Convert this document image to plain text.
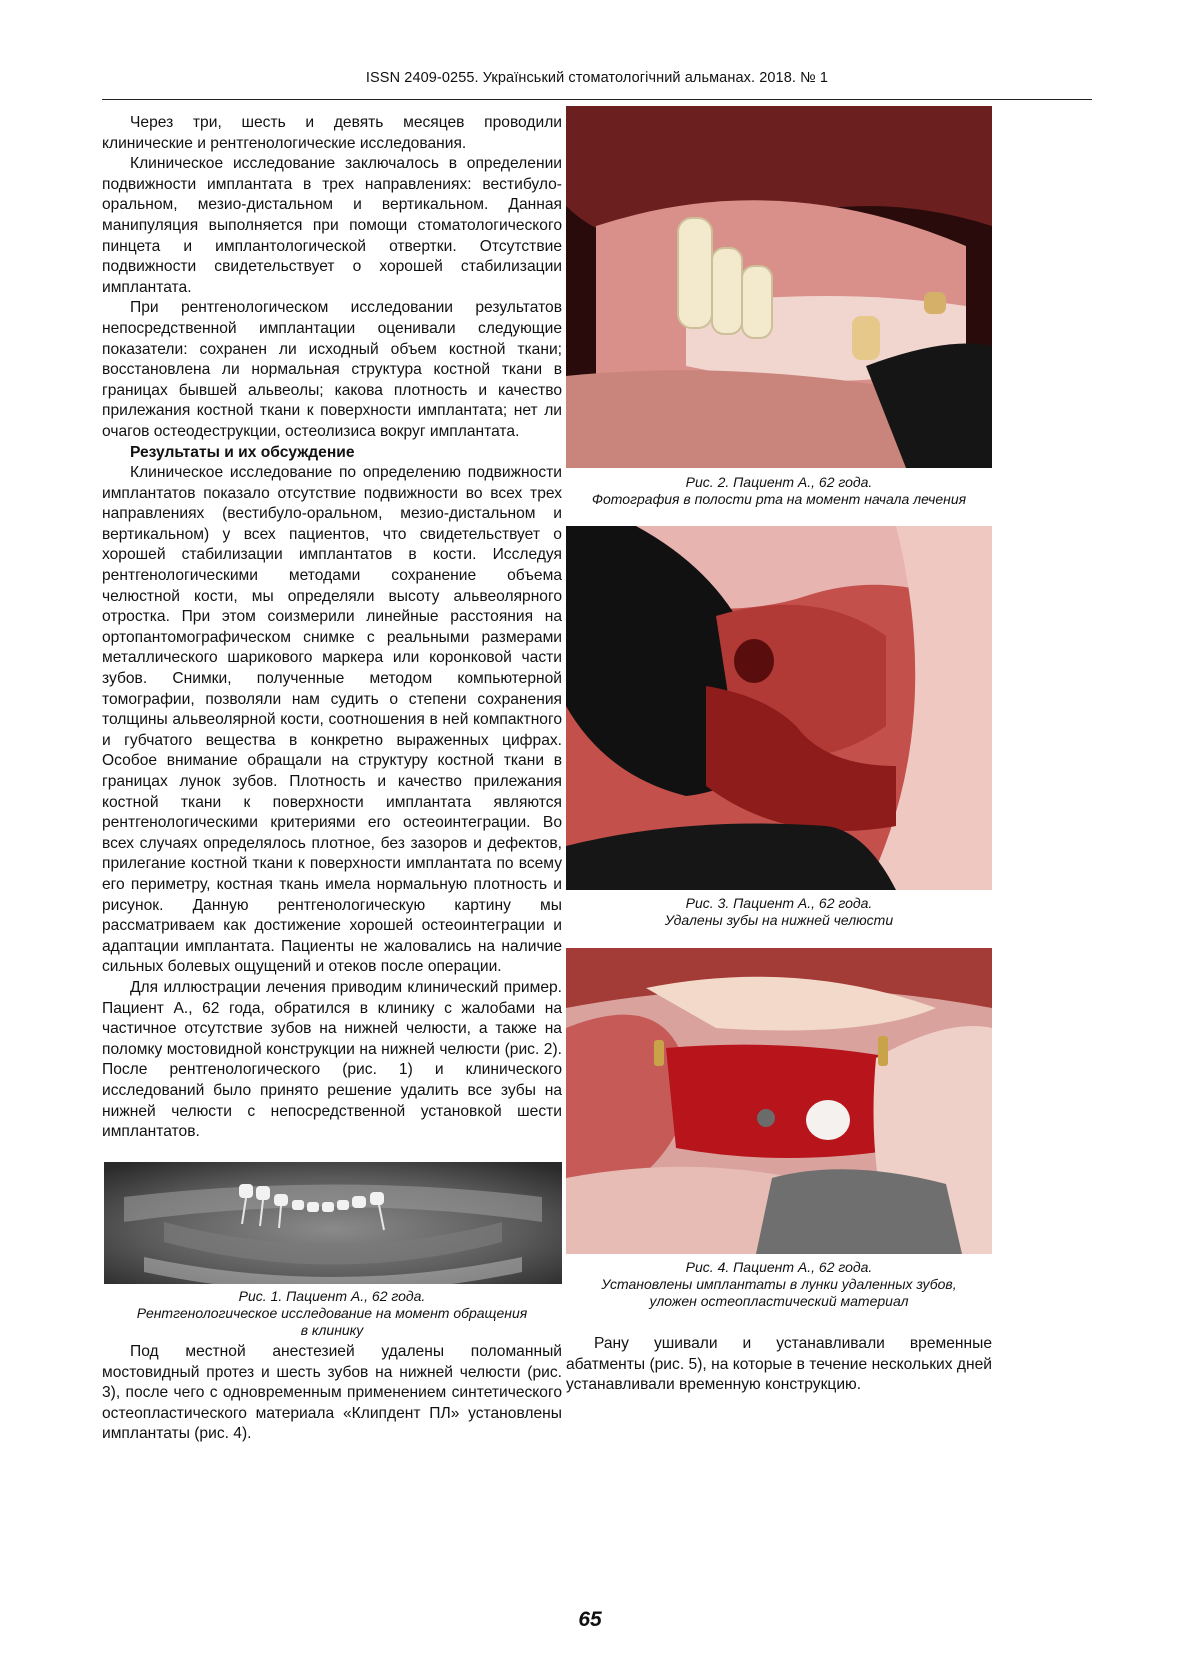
ISSN 2409-0255. Український стоматологічний альманах. 2018. № 1

Через три, шесть и девять месяцев проводили клинические и рентгенологические исследования.

Клиническое исследование заключалось в определении подвижности имплантата в трех направлениях: вестибуло-оральном, мезио-дистальном и вертикальном. Данная манипуляция выполняется при помощи стоматологического пинцета и имплантологической отвертки. Отсутствие подвижности свидетельствует о хорошей стабилизации имплантата.

При рентгенологическом исследовании результатов непосредственной имплантации оценивали следующие показатели: сохранен ли исходный объем костной ткани; восстановлена ли нормальная структура костной ткани в границах бывшей альвеолы; какова плотность и качество прилежания костной ткани к поверхности имплантата; нет ли очагов остеодеструкции, остеолизиса вокруг имплантата.

Результаты и их обсуждение

Клиническое исследование по определению подвижности имплантатов показало отсутствие подвижности во всех трех направлениях (вестибуло-оральном, мезио-дистальном и вертикальном) у всех пациентов, что свидетельствует о хорошей стабилизации имплантатов в кости. Исследуя рентгенологическими методами сохранение объема челюстной кости, мы определяли высоту альвеолярного отростка. При этом соизмерили линейные расстояния на ортопантомографическом снимке с реальными размерами металлического шарикового маркера или коронковой части зубов. Снимки, полученные методом компьютерной томографии, позволяли нам судить о степени сохранения толщины альвеолярной кости, соотношения в ней компактного и губчатого вещества в конкретно выраженных цифрах. Особое внимание обращали на структуру костной ткани в границах лунок зубов. Плотность и качество прилежания костной ткани к поверхности имплантата являются рентгенологическими критериями его остеоинтеграции. Во всех случаях определялось плотное, без зазоров и дефектов, прилегание костной ткани к поверхности имплантата по всему его периметру, костная ткань имела нормальную плотность и рисунок. Данную рентгенологическую картину мы рассматриваем как достижение хорошей остеоинтеграции и адаптации имплантата. Пациенты не жаловались на наличие сильных болевых ощущений и отеков после операции.

Для иллюстрации лечения приводим клинический пример. Пациент А., 62 года, обратился в клинику с жалобами на частичное отсутствие зубов на нижней челюсти, а также на поломку мостовидной конструкции на нижней челюсти (рис. 2). После рентгенологического (рис. 1) и клинического исследований было принято решение удалить все зубы на нижней челюсти с непосредственной установкой шести имплантатов.

Рис. 1. Пациент А., 62 года.
Рентгенологическое исследование на момент обращения
в клинику

Под местной анестезией удалены поломанный мостовидный протез и шесть зубов на нижней челюсти (рис. 3), после чего с одновременным применением синтетического остеопластического материала «Клипдент ПЛ» установлены имплантаты (рис. 4).

Рис. 2. Пациент А., 62 года.
Фотография в полости рта на момент начала лечения
Рис. 3. Пациент А., 62 года.
Удалены зубы на нижней челюсти
Рис. 4. Пациент А., 62 года.
Установлены имплантаты в лунки удаленных зубов,
уложен остеопластический материал

Рану ушивали и устанавливали временные абатменты (рис. 5), на которые в течение нескольких дней устанавливали временную конструкцию.

65
